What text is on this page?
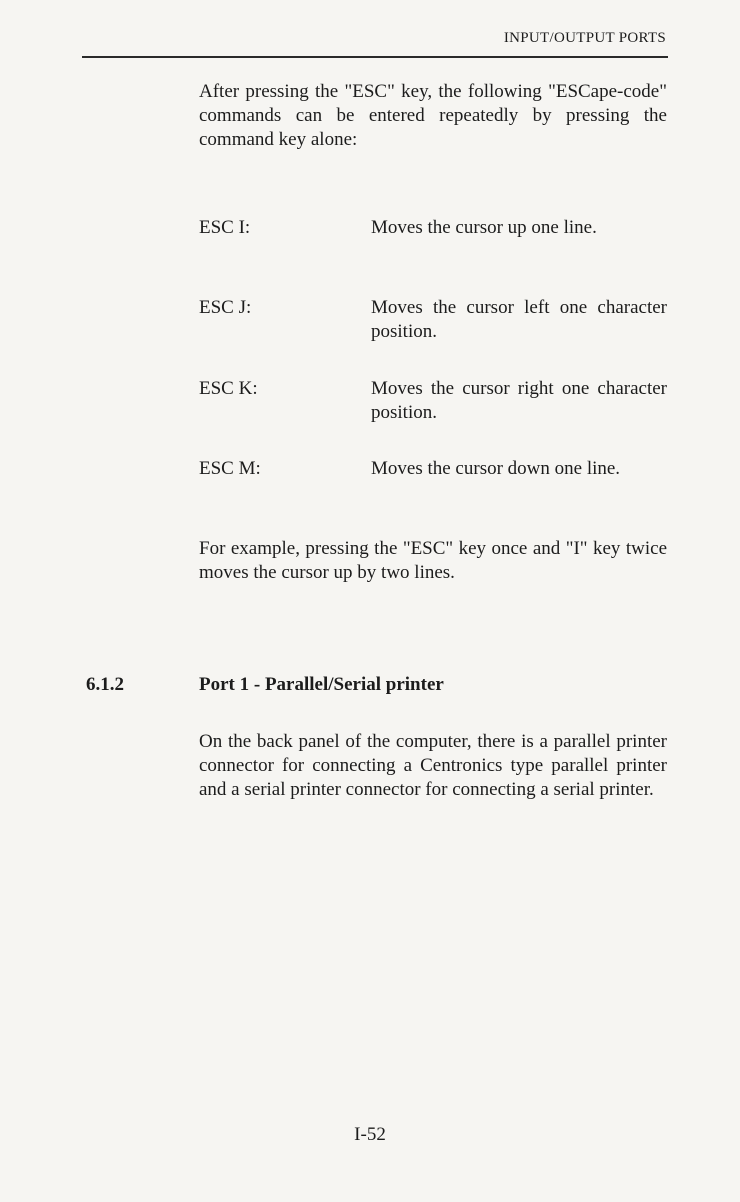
INPUT/OUTPUT PORTS

After pressing the "ESC" key, the following "ESCape-code" commands can be entered repeatedly by pressing the command key alone:

ESC I:	Moves the cursor up one line.

ESC J:	Moves the cursor left one character position.

ESC K:	Moves the cursor right one character position.

ESC M:	Moves the cursor down one line.

For example, pressing the "ESC" key once and "I" key twice moves the cursor up by two lines.

6.1.2	Port 1 - Parallel/Serial printer

On the back panel of the computer, there is a parallel printer connector for connecting a Centronics type parallel printer and a serial printer connector for connecting a serial printer.

I-52
